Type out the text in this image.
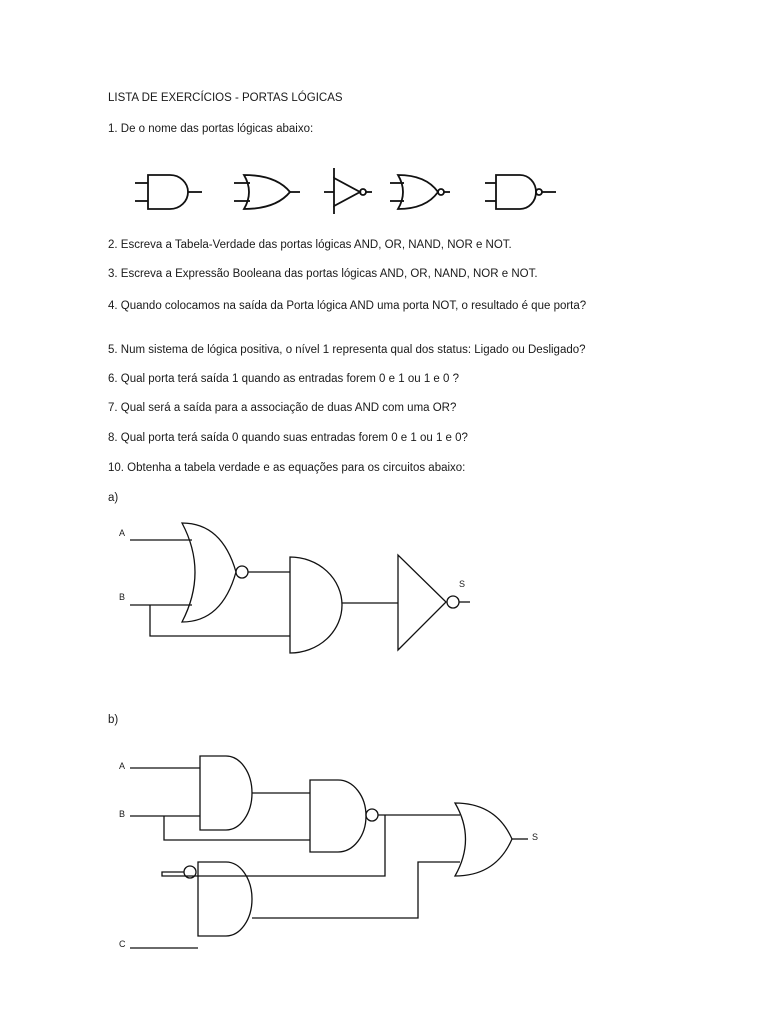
LISTA DE EXERCÍCIOS - PORTAS LÓGICAS
1. De o nome das portas lógicas abaixo:
2. Escreva a Tabela-Verdade das portas lógicas AND, OR, NAND, NOR e NOT.
3. Escreva a Expressão Booleana das portas lógicas AND, OR, NAND, NOR e NOT.
4. Quando colocamos na saída da Porta lógica AND uma porta NOT, o resultado é que porta?
5. Num sistema de lógica positiva, o nível 1 representa qual dos status: Ligado ou Desligado?
6. Qual porta terá saída 1 quando as entradas forem 0 e 1 ou 1 e 0 ?
7. Qual será a saída para a associação de duas AND com uma OR?
8. Qual porta terá saída 0 quando suas entradas forem 0 e 1 ou 1 e 0?
10. Obtenha a tabela verdade e as equações para os circuitos abaixo:
a)
b)
A
B
S
A
B
C
S
